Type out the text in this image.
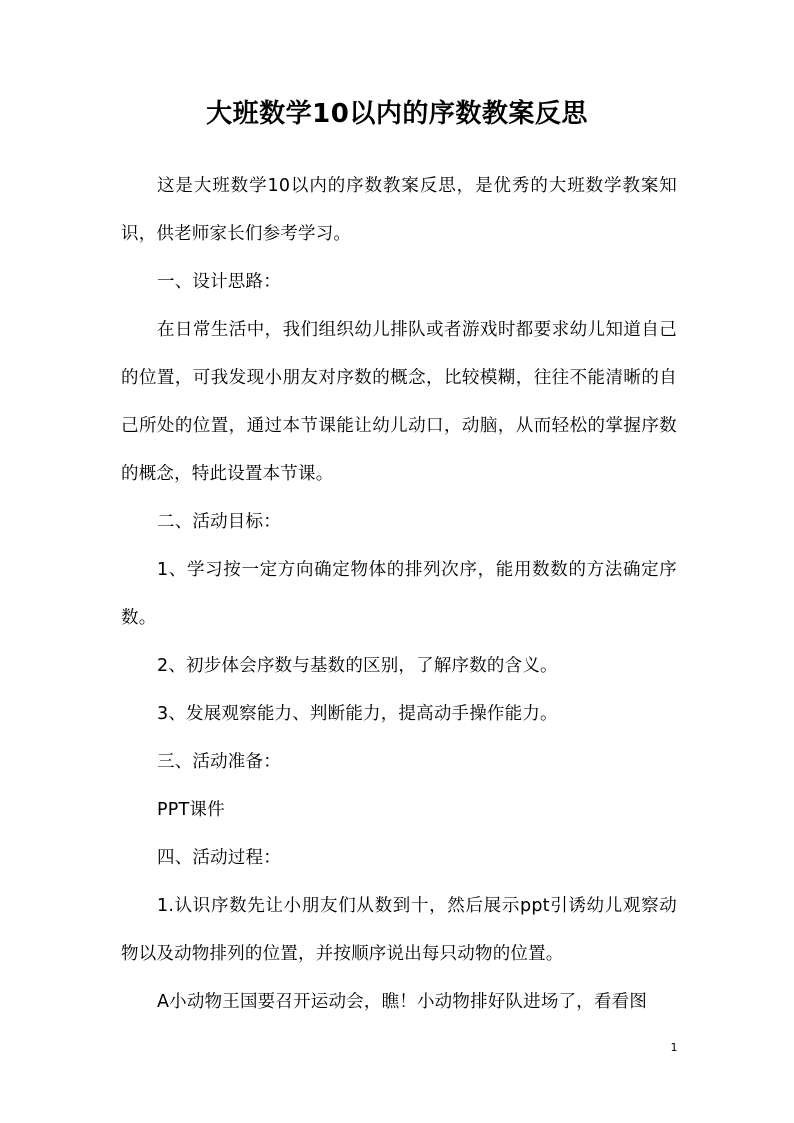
大班数学10以内的序数教案反思

这是大班数学10以内的序数教案反思，是优秀的大班数学教案知识，供老师家长们参考学习。

一、设计思路：

在日常生活中，我们组织幼儿排队或者游戏时都要求幼儿知道自己的位置，可我发现小朋友对序数的概念，比较模糊，往往不能清晰的自己所处的位置，通过本节课能让幼儿动口，动脑，从而轻松的掌握序数的概念，特此设置本节课。

二、活动目标：

1、学习按一定方向确定物体的排列次序，能用数数的方法确定序数。

2、初步体会序数与基数的区别，了解序数的含义。

3、发展观察能力、判断能力，提高动手操作能力。

三、活动准备：

PPT课件

四、活动过程：

1.认识序数先让小朋友们从数到十，然后展示ppt引诱幼儿观察动物以及动物排列的位置，并按顺序说出每只动物的位置。

A小动物王国要召开运动会，瞧！小动物排好队进场了，看看图

1
